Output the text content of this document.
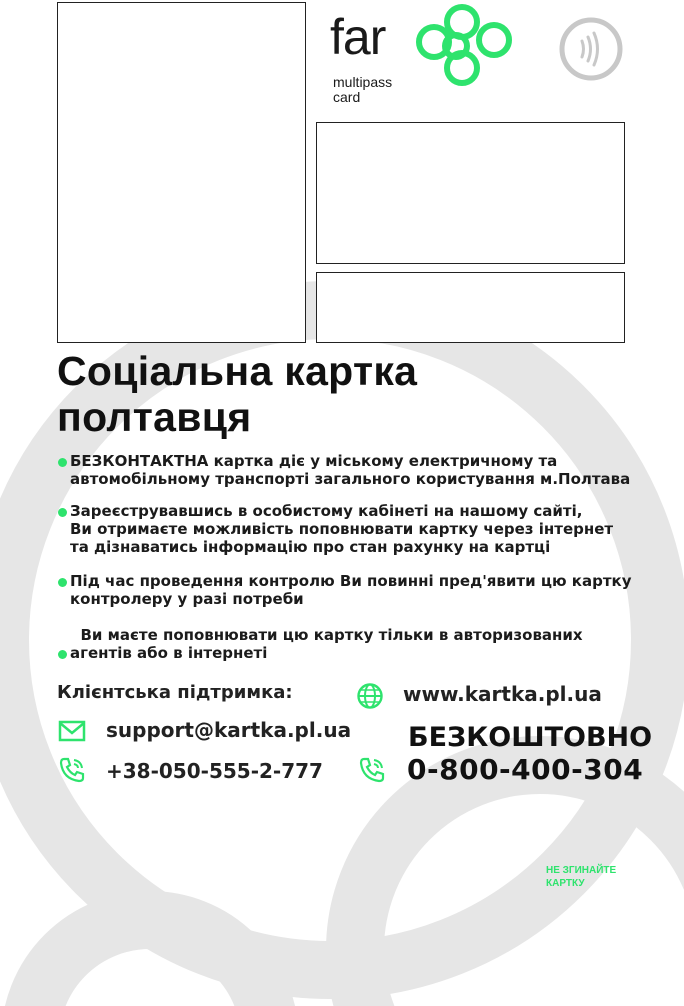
far
multipass
card
Соціальна картка
полтавця
БЕЗКОНТАКТНА картка діє у міському електричному та
автомобільному транспорті загального користування м.Полтава
Зареєструвавшись в особистому кабінеті на нашому сайті,
Ви отримаєте можливість поповнювати картку через інтернет
та дізнаватись інформацію про стан рахунку на картці
Під час проведення контролю Ви повинні пред'явити цю картку
контролеру у разі потреби
Ви маєте поповнювати цю картку тільки в авторизованих
агентів або в інтернеті
Клієнтська підтримка:
support@kartka.pl.ua
+38-050-555-2-777
www.kartka.pl.ua
БЕЗКОШТОВНО
0-800-400-304
НЕ ЗГИНАЙТЕ
КАРТКУ
